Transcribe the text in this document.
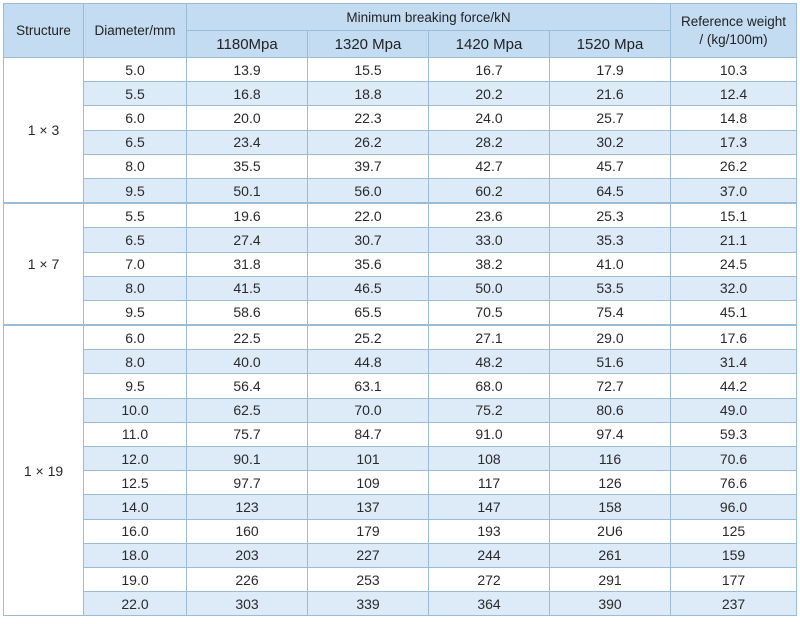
Structure	Diameter/mm	Minimum breaking force/kN				Reference weight
/ (kg/100m)
		1180Mpa	1320 Mpa	1420 Mpa	1520 Mpa	
1 × 3	5.0	13.9	15.5	16.7	17.9	10.3
	5.5	16.8	18.8	20.2	21.6	12.4
	6.0	20.0	22.3	24.0	25.7	14.8
	6.5	23.4	26.2	28.2	30.2	17.3
	8.0	35.5	39.7	42.7	45.7	26.2
	9.5	50.1	56.0	60.2	64.5	37.0
1 × 7	5.5	19.6	22.0	23.6	25.3	15.1
	6.5	27.4	30.7	33.0	35.3	21.1
	7.0	31.8	35.6	38.2	41.0	24.5
	8.0	41.5	46.5	50.0	53.5	32.0
	9.5	58.6	65.5	70.5	75.4	45.1
1 × 19	6.0	22.5	25.2	27.1	29.0	17.6
	8.0	40.0	44.8	48.2	51.6	31.4
	9.5	56.4	63.1	68.0	72.7	44.2
	10.0	62.5	70.0	75.2	80.6	49.0
	11.0	75.7	84.7	91.0	97.4	59.3
	12.0	90.1	101	108	116	70.6
	12.5	97.7	109	117	126	76.6
	14.0	123	137	147	158	96.0
	16.0	160	179	193	2U6	125
	18.0	203	227	244	261	159
	19.0	226	253	272	291	177
	22.0	303	339	364	390	237
